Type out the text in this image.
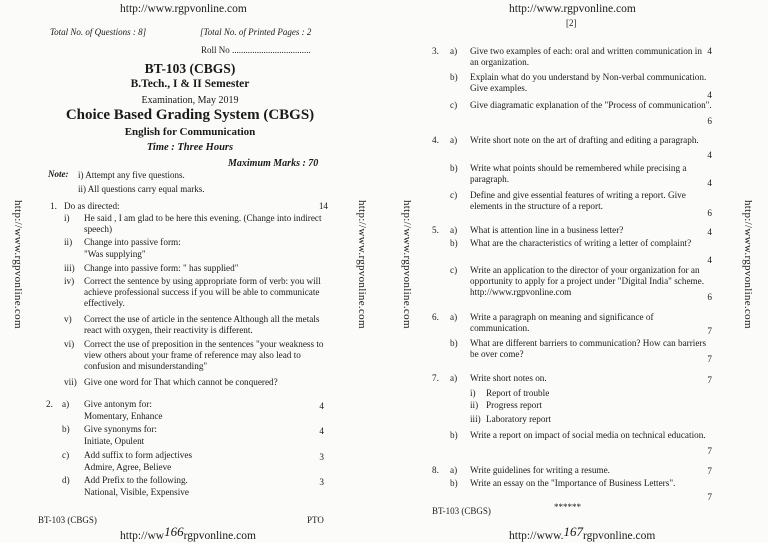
http://www.rgpvonline.com
Total No. of Questions : 8]	[Total No. of Printed Pages : 2
Roll No ...................................
BT-103 (CBGS)
B.Tech., I & II Semester
Examination, May 2019
Choice Based Grading System (CBGS)
English for Communication
Time : Three Hours
Maximum Marks : 70
Note: i) Attempt any five questions.
ii) All questions carry equal marks.
1. Do as directed:	14
i) He said , I am glad to be here this evening. (Change into indirect speech)
ii) Change into passive form:
"Was supplying"
iii) Change into passive form: " has supplied"
iv) Correct the sentence by using appropriate form of verb: you will achieve professional success if you will be able to communicate effectively.
v) Correct the use of article in the sentence Although all the metals react with oxygen, their reactivity is different.
vi) Correct the use of preposition in the sentences "your weakness to view others about your frame of reference may also lead to confusion and misunderstanding"
vii) Give one word for That which cannot be conquered?
2. a) Give antonym for:
Momentary, Enhance
4
b) Give synonyms for:
Initiate, Opulent
4
c) Add suffix to form adjectives
Admire, Agree, Believe
3
d) Add Prefix to the following.
National, Visible, Expensive
3
BT-103 (CBGS)	PTO
http://ww166rgpvonline.com
http://www.rgpvonline.com	http://www.rgpvonline.com
http://www.rgpvonline.com
[2]
3. a) Give two examples of each: oral and written communication in an organization.
4
b) Explain what do you understand by Non-verbal communication. Give examples.
4
c) Give diagramatic explanation of the "Process of communication".
6
4. a) Write short note on the art of drafting and editing a paragraph.
4
b) Write what points should be remembered while precising a paragraph.	4
c) Define and give essential features of writing a report. Give elements in the structure of a report.
6
5. a) What is attention line in a business letter?	4
b) What are the characteristics of writing a letter of complaint?
4
c) Write an application to the director of your organization for an opportunity to apply for a project under "Digital India" scheme. http://www.rgpvonline.com	6
6. a) Write a paragraph on meaning and significance of communication.	7
b) What are different barriers to communication? How can barriers be over come?	7
7. a) Write short notes on.	7
i) Report of trouble
ii) Progress report
iii) Laboratory report
b) Write a report on impact of social media on technical education.
7
8. a) Write guidelines for writing a resume.	7
b) Write an essay on the "Importance of Business Letters".
7
******
BT-103 (CBGS)
http://www.167rgpvonline.com
http://www.rgpvonline.com	http://www.rgpvonline.com
